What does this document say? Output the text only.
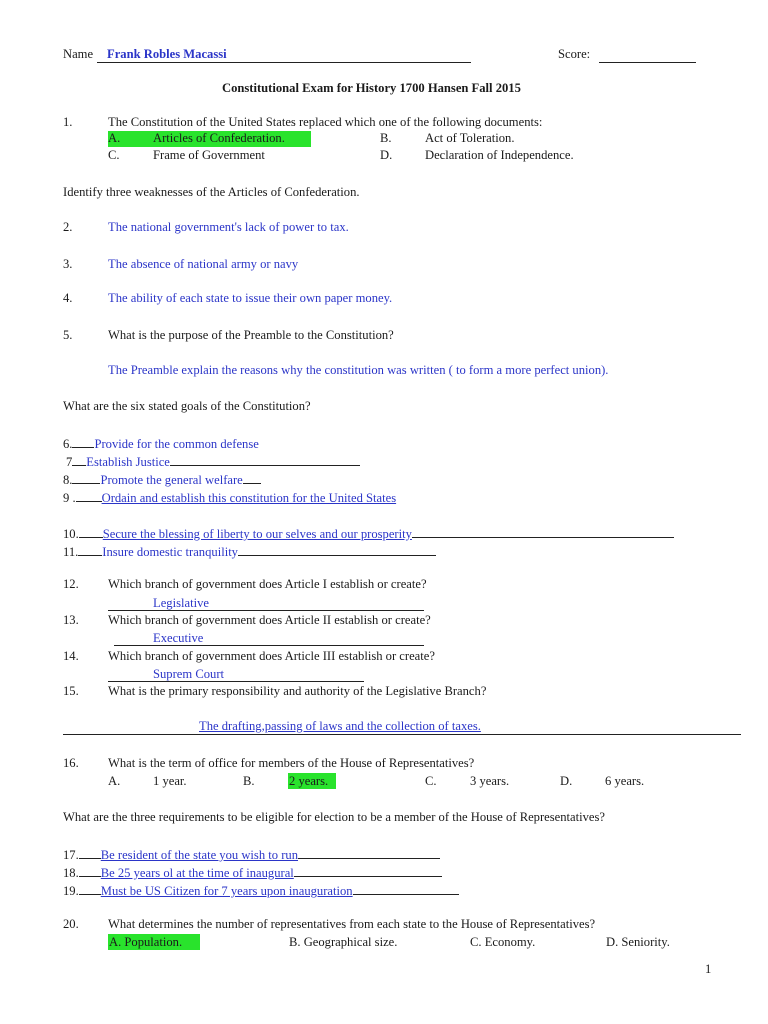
Name Frank Robles Macassi	Score:
Constitutional Exam for History 1700 Hansen Fall 2015
1.	The Constitution of the United States replaced which one of the following documents:
A.	Articles of Confederation.	B.	Act of Toleration.
C.	Frame of Government	D.	Declaration of Independence.
Identify three weaknesses of the Articles of Confederation.
2.	The national government's lack of power to tax.
3.	The absence of national army or navy
4.	The ability of each state to issue their own paper money.
5.	What is the purpose of the Preamble to the Constitution?
The Preamble explain the reasons why the constitution was written ( to form a more perfect union).
What are the six stated goals of the Constitution?
6. Provide for the common defense
7 Establish Justice
8. Promote the general welfare
9 . Ordain and establish this constitution for the United States
10. Secure the blessing of liberty to our selves and our prosperity
11. Insure domestic tranquility
12. Which branch of government does Article I establish or create?
Legislative
13. Which branch of government does Article II establish or create?
Executive
14. Which branch of government does Article III establish or create?
Suprem Court
15. What is the primary responsibility and authority of the Legislative Branch?
The drafting,passing of laws and the collection of taxes.
16. What is the term of office for members of the House of Representatives?
A.	1 year.	B.	2 years.	C.	3 years.	D.	6 years.
What are the three requirements to be eligible for election to be a member of the House of Representatives?
17. Be resident of the state you wish to run
18. Be 25 years ol at the time of inaugural
19. Must be US Citizen for 7 years upon inauguration
20. What determines the number of representatives from each state to the House of Representatives?
A. Population.	B. Geographical size.	C. Economy.	D. Seniority.
1
